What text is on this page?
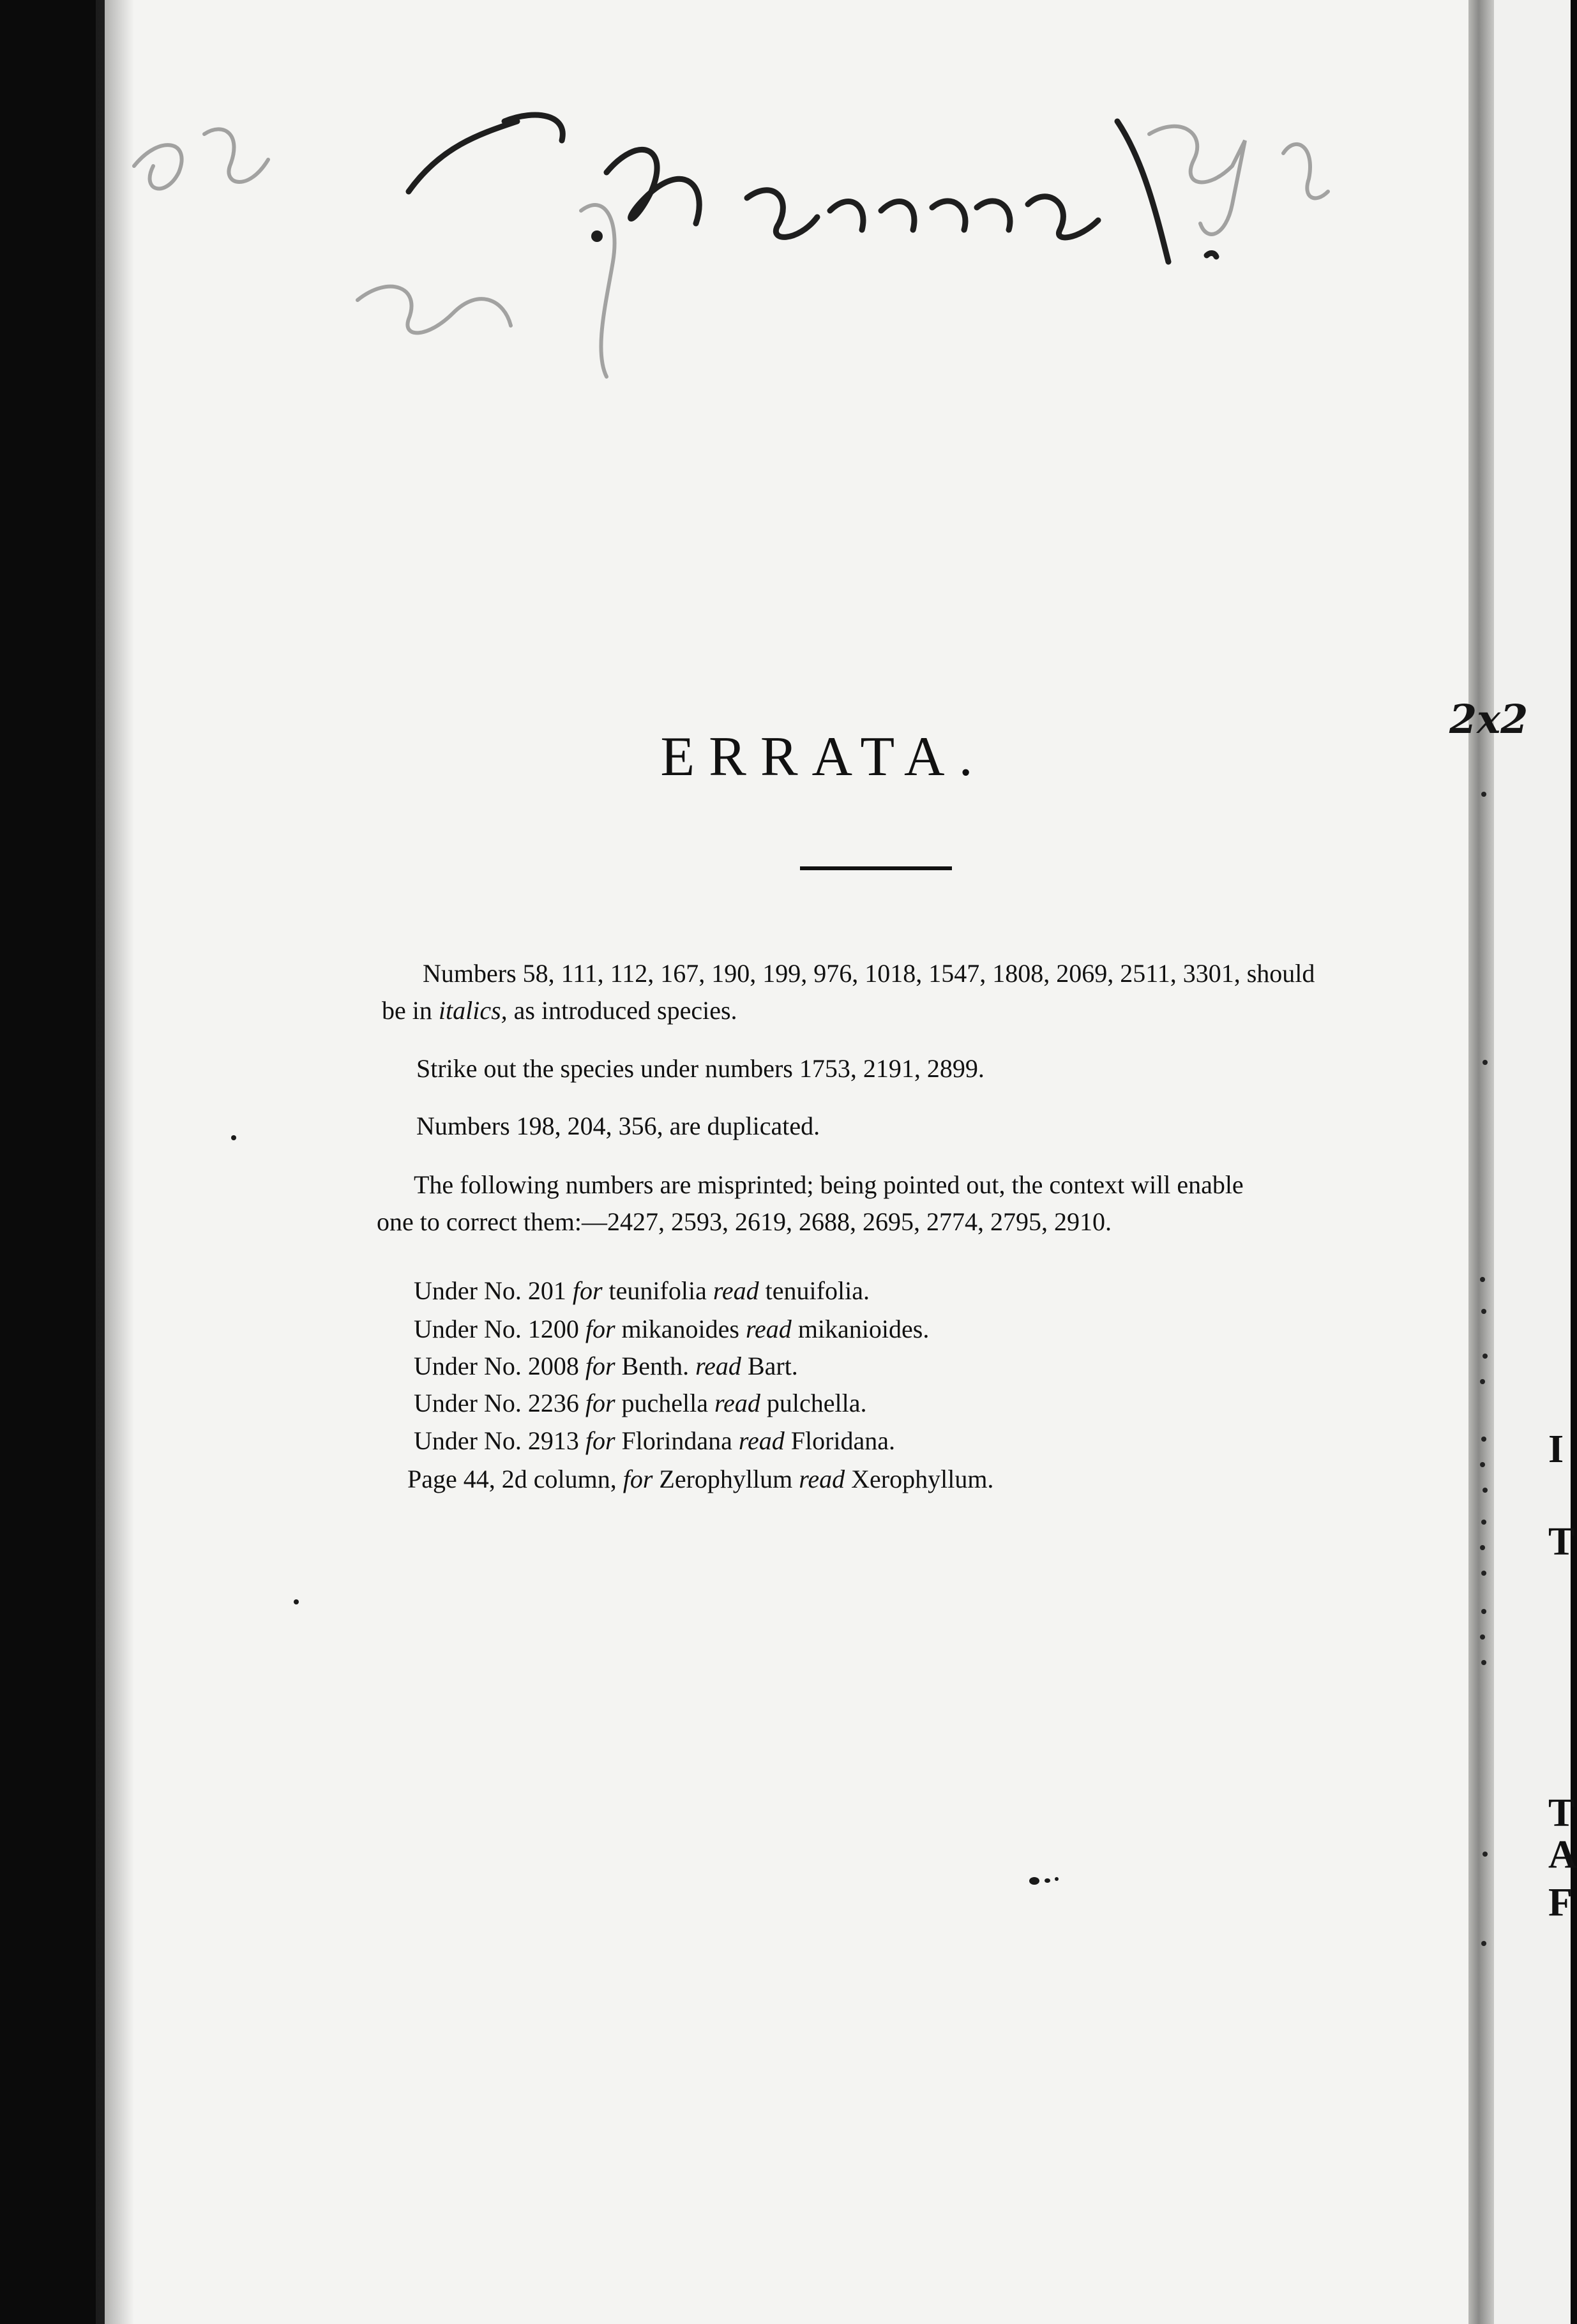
I
T
T
A
F
2x2
ERRATA.
Numbers 58, 111, 112, 167, 190, 199, 976, 1018, 1547, 1808, 2069, 2511, 3301, should
be in italics, as introduced species.
Strike out the species under numbers 1753, 2191, 2899.
Numbers 198, 204, 356, are duplicated.
The following numbers are misprinted; being pointed out, the context will enable
one to correct them:—2427, 2593, 2619, 2688, 2695, 2774, 2795, 2910.
Under No. 201 for teunifolia read tenuifolia.
Under No. 1200 for mikanoides read mikanioides.
Under No. 2008 for Benth. read Bart.
Under No. 2236 for puchella read pulchella.
Under No. 2913 for Florindana read Floridana.
Page 44, 2d column, for Zerophyllum read Xerophyllum.
